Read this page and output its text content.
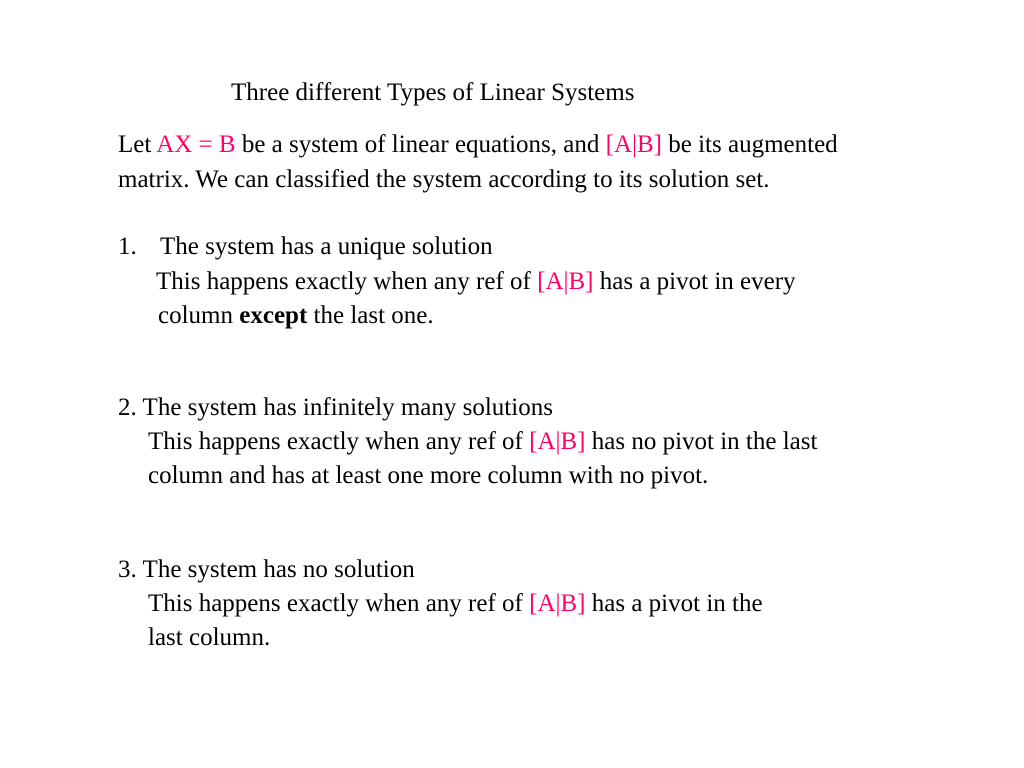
Three different Types of Linear Systems
Let AX = B be a system of linear equations, and [A|B] be its augmented
matrix. We can classified the system according to its solution set.
1. The system has a unique solution
This happens exactly when any ref of [A|B] has a pivot in every
column except the last one.
2. The system has infinitely many solutions
This happens exactly when any ref of [A|B] has no pivot in the last
column and has at least one more column with no pivot.
3. The system has no solution
This happens exactly when any ref of [A|B] has a pivot in the
last column.
